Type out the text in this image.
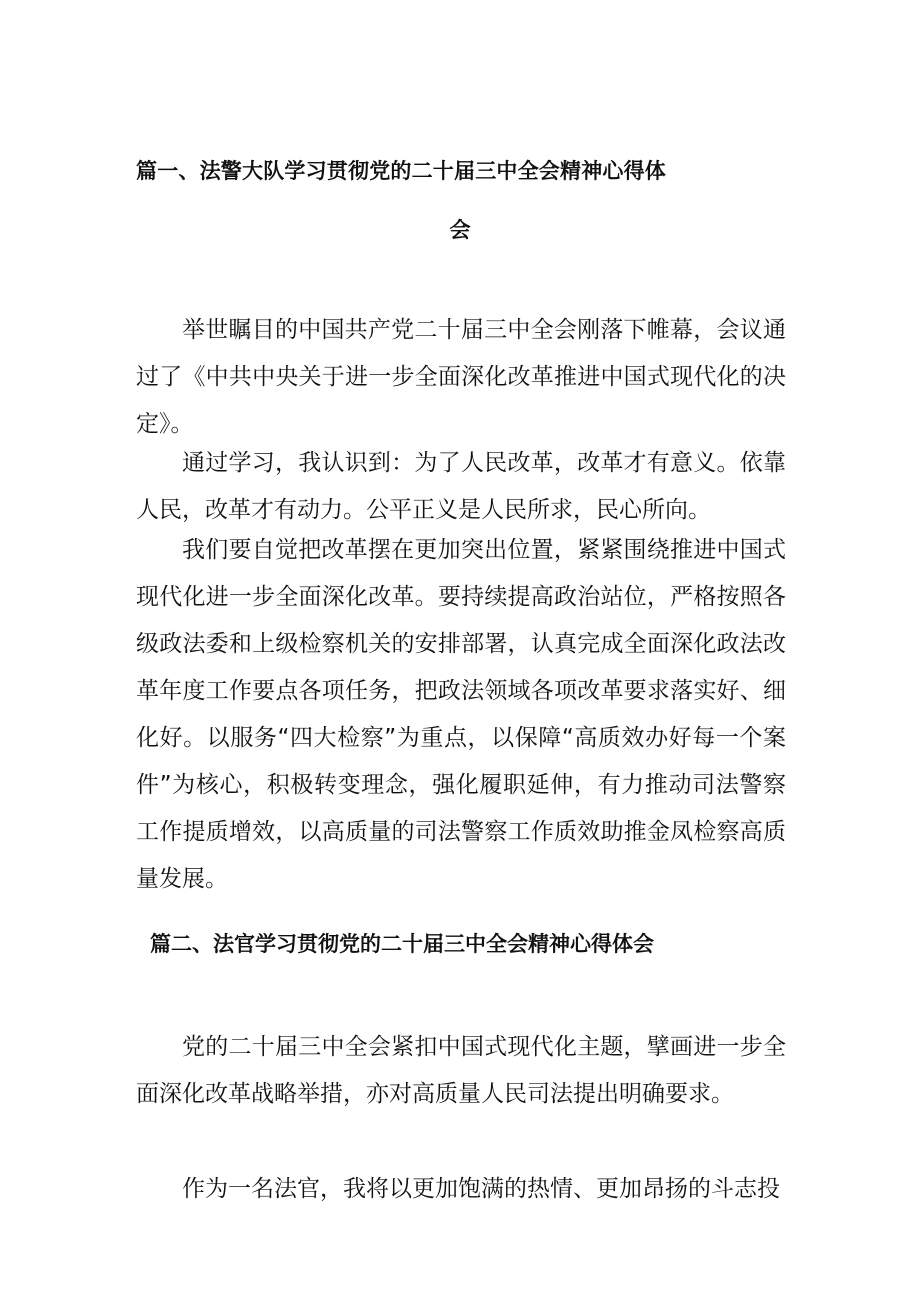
篇一、法警大队学习贯彻党的二十届三中全会精神心得体
会

举世瞩目的中国共产党二十届三中全会刚落下帷幕，会议通过了《中共中央关于进一步全面深化改革推进中国式现代化的决定》。

通过学习，我认识到：为了人民改革，改革才有意义。依靠人民，改革才有动力。公平正义是人民所求，民心所向。

我们要自觉把改革摆在更加突出位置，紧紧围绕推进中国式现代化进一步全面深化改革。要持续提高政治站位，严格按照各级政法委和上级检察机关的安排部署，认真完成全面深化政法改革年度工作要点各项任务，把政法领域各项改革要求落实好、细化好。以服务“四大检察”为重点，以保障“高质效办好每一个案件”为核心，积极转变理念，强化履职延伸，有力推动司法警察工作提质增效，以高质量的司法警察工作质效助推金凤检察高质量发展。

篇二、法官学习贯彻党的二十届三中全会精神心得体会

党的二十届三中全会紧扣中国式现代化主题，擘画进一步全面深化改革战略举措，亦对高质量人民司法提出明确要求。

作为一名法官，我将以更加饱满的热情、更加昂扬的斗志投
